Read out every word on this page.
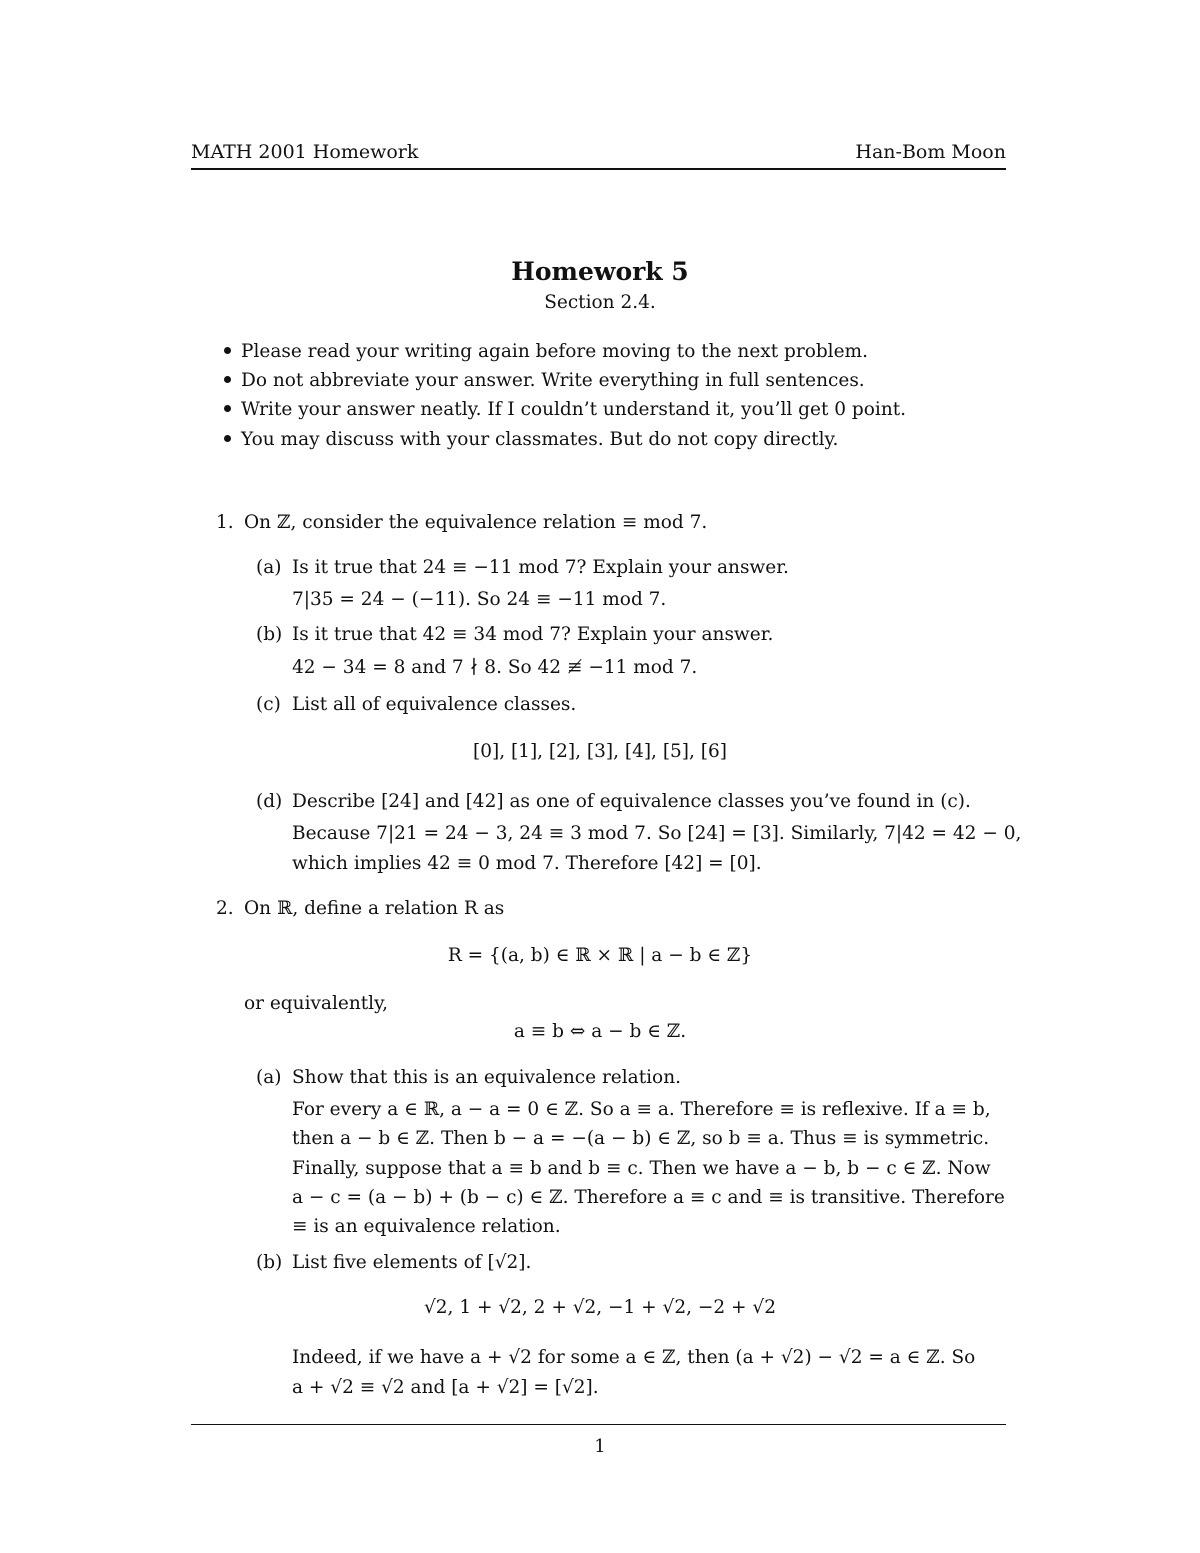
MATH 2001 Homework	Han-Bom Moon
Homework 5
Section 2.4.
Please read your writing again before moving to the next problem.
Do not abbreviate your answer. Write everything in full sentences.
Write your answer neatly. If I couldn’t understand it, you’ll get 0 point.
You may discuss with your classmates. But do not copy directly.
1. On ℤ, consider the equivalence relation ≡ mod 7.
(a) Is it true that 24 ≡ −11 mod 7? Explain your answer.
7|35 = 24 − (−11). So 24 ≡ −11 mod 7.
(b) Is it true that 42 ≡ 34 mod 7? Explain your answer.
42 − 34 = 8 and 7 ∤ 8. So 42 ≢ −11 mod 7.
(c) List all of equivalence classes.
[0], [1], [2], [3], [4], [5], [6]
(d) Describe [24] and [42] as one of equivalence classes you’ve found in (c).
Because 7|21 = 24 − 3, 24 ≡ 3 mod 7. So [24] = [3]. Similarly, 7|42 = 42 − 0,
which implies 42 ≡ 0 mod 7. Therefore [42] = [0].
2. On ℝ, define a relation R as
R = {(a, b) ∈ ℝ × ℝ | a − b ∈ ℤ}
or equivalently,
a ≡ b ⇔ a − b ∈ ℤ.
(a) Show that this is an equivalence relation.
For every a ∈ ℝ, a − a = 0 ∈ ℤ. So a ≡ a. Therefore ≡ is reflexive. If a ≡ b,
then a − b ∈ ℤ. Then b − a = −(a − b) ∈ ℤ, so b ≡ a. Thus ≡ is symmetric.
Finally, suppose that a ≡ b and b ≡ c. Then we have a − b, b − c ∈ ℤ. Now
a − c = (a − b) + (b − c) ∈ ℤ. Therefore a ≡ c and ≡ is transitive. Therefore
≡ is an equivalence relation.
(b) List five elements of [√2].
√2, 1 + √2, 2 + √2, −1 + √2, −2 + √2
Indeed, if we have a + √2 for some a ∈ ℤ, then (a + √2) − √2 = a ∈ ℤ. So
a + √2 ≡ √2 and [a + √2] = [√2].
1
